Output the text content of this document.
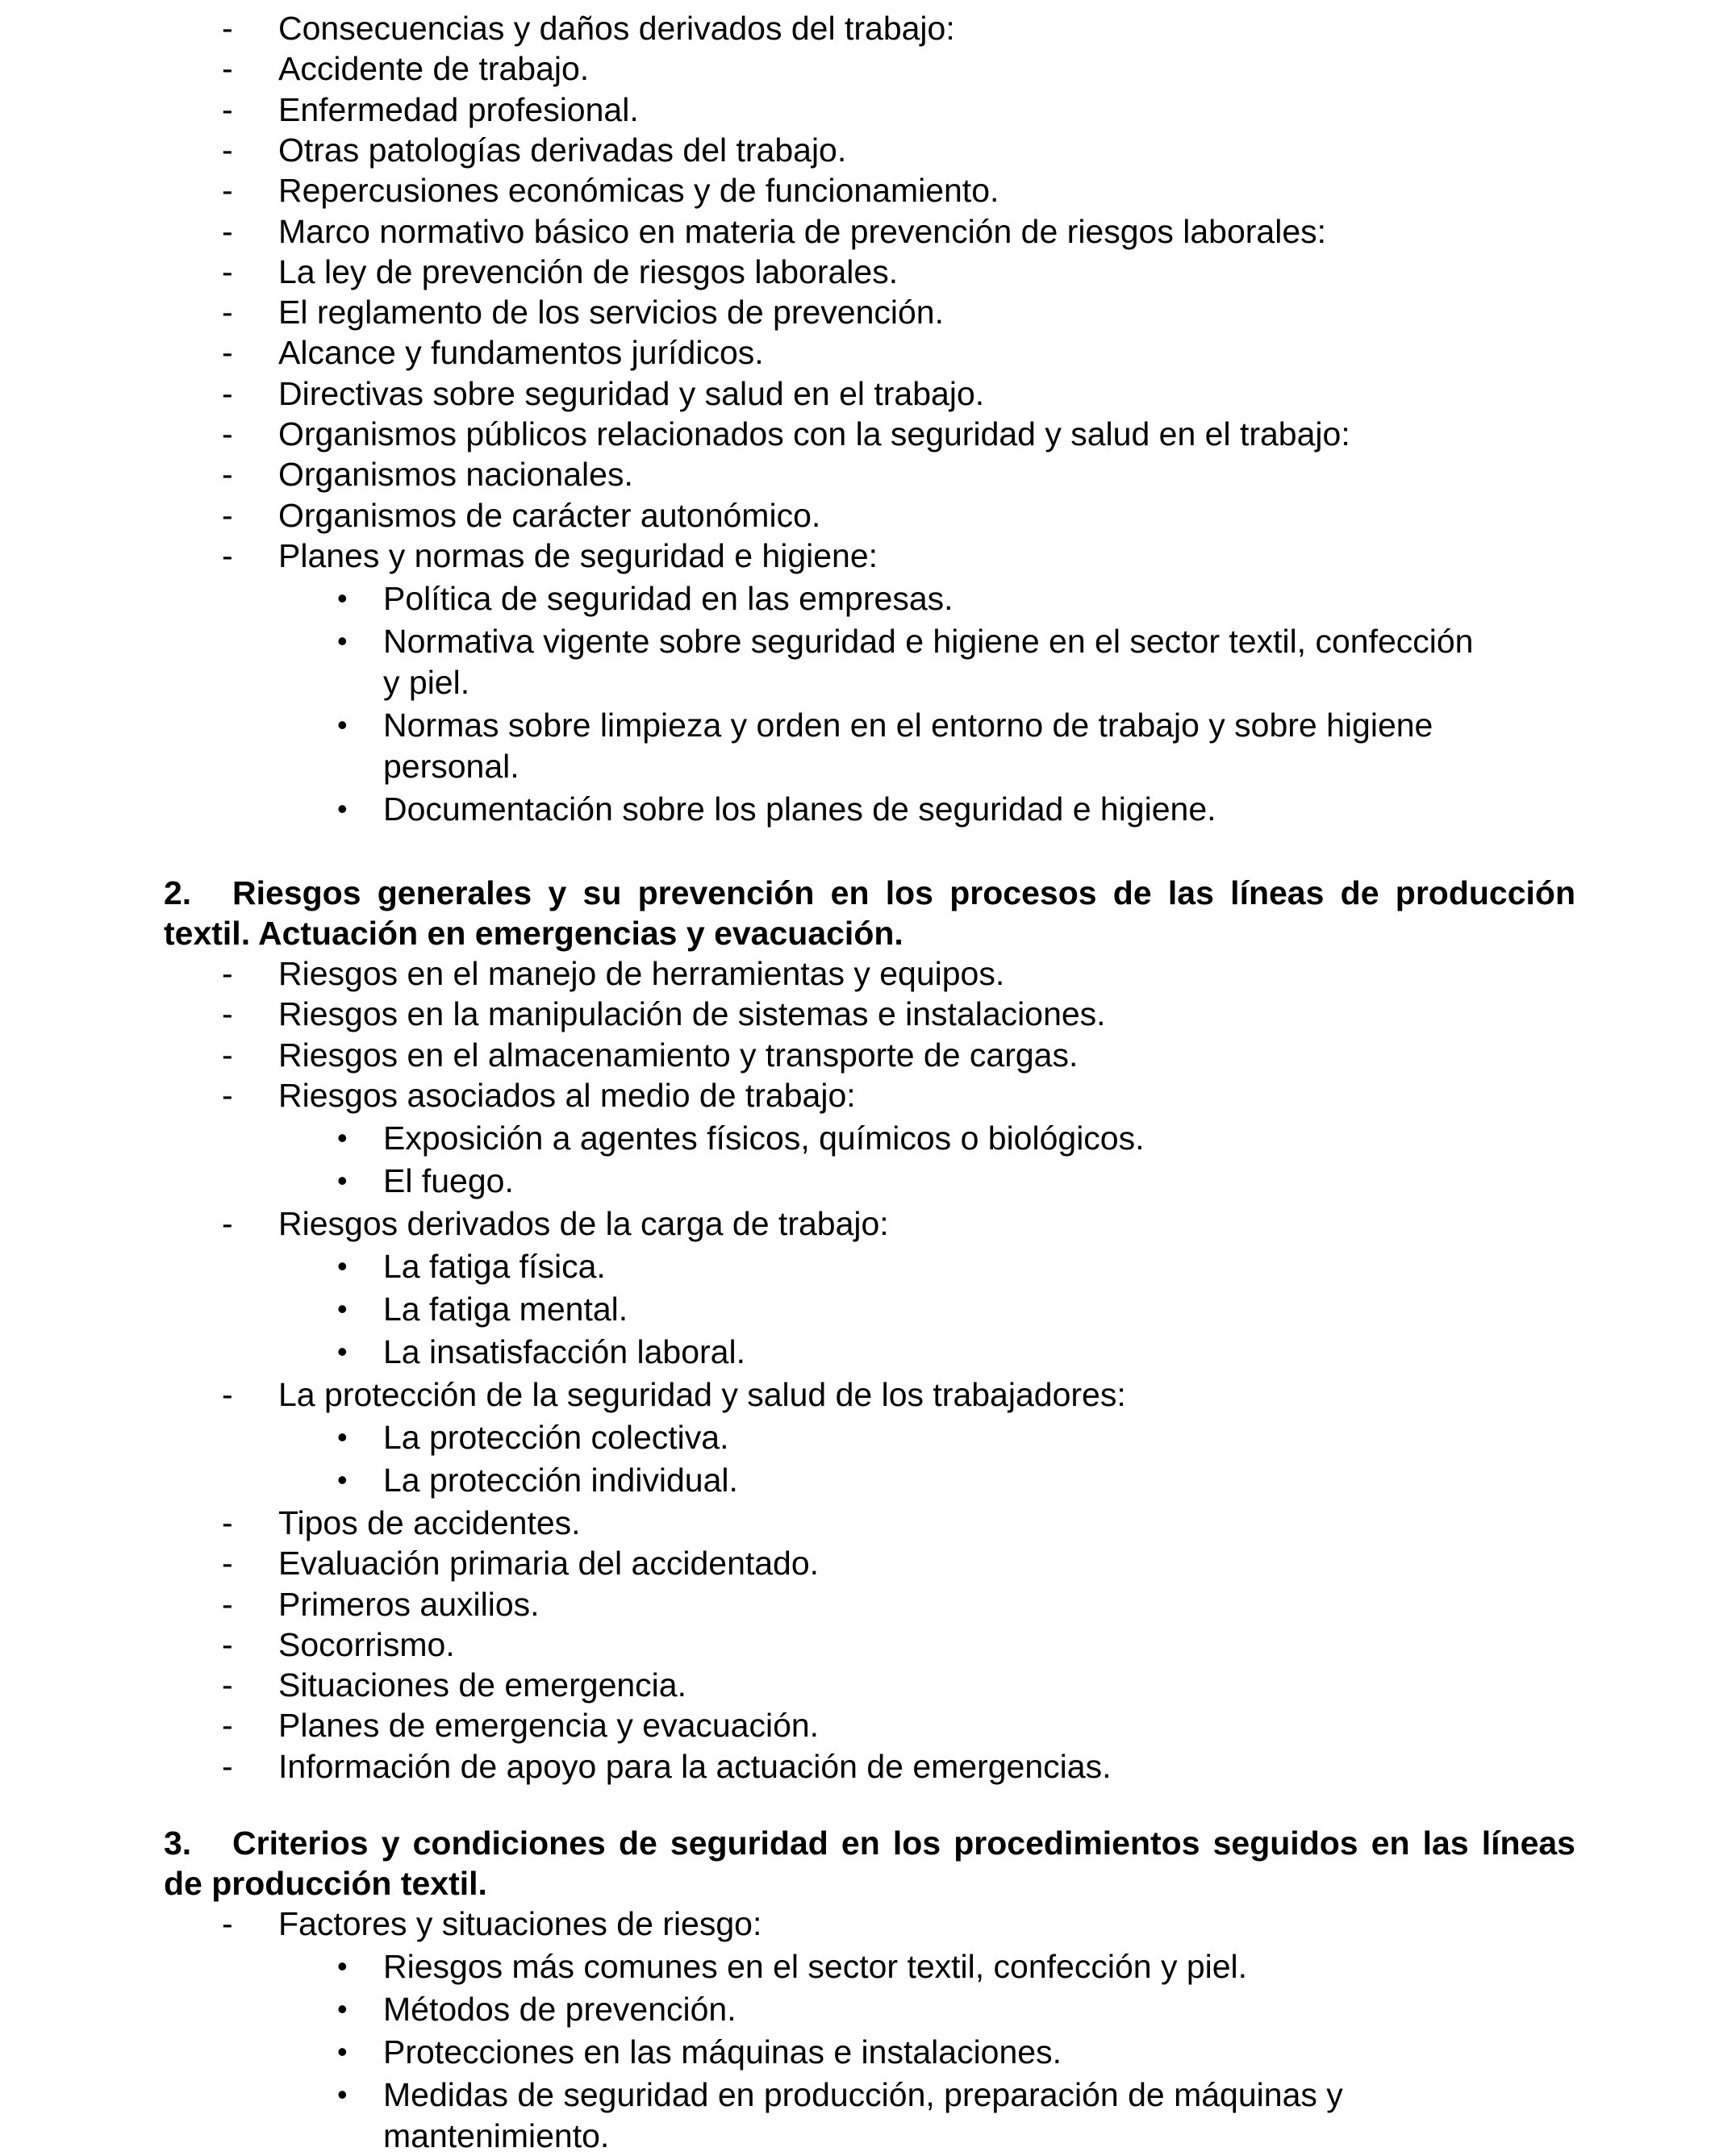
- Consecuencias y daños derivados del trabajo:
- Accidente de trabajo.
- Enfermedad profesional.
- Otras patologías derivadas del trabajo.
- Repercusiones económicas y de funcionamiento.
- Marco normativo básico en materia de prevención de riesgos laborales:
- La ley de prevención de riesgos laborales.
- El reglamento de los servicios de prevención.
- Alcance y fundamentos jurídicos.
- Directivas sobre seguridad y salud en el trabajo.
- Organismos públicos relacionados con la seguridad y salud en el trabajo:
- Organismos nacionales.
- Organismos de carácter autonómico.
- Planes y normas de seguridad e higiene:
• Política de seguridad en las empresas.
• Normativa vigente sobre seguridad e higiene en el sector textil, confección
y piel.
• Normas sobre limpieza y orden en el entorno de trabajo y sobre higiene
personal.
• Documentación sobre los planes de seguridad e higiene.
2. Riesgos generales y su prevención en los procesos de las líneas de producción textil. Actuación en emergencias y evacuación.
- Riesgos en el manejo de herramientas y equipos.
- Riesgos en la manipulación de sistemas e instalaciones.
- Riesgos en el almacenamiento y transporte de cargas.
- Riesgos asociados al medio de trabajo:
• Exposición a agentes físicos, químicos o biológicos.
• El fuego.
- Riesgos derivados de la carga de trabajo:
• La fatiga física.
• La fatiga mental.
• La insatisfacción laboral.
- La protección de la seguridad y salud de los trabajadores:
• La protección colectiva.
• La protección individual.
- Tipos de accidentes.
- Evaluación primaria del accidentado.
- Primeros auxilios.
- Socorrismo.
- Situaciones de emergencia.
- Planes de emergencia y evacuación.
- Información de apoyo para la actuación de emergencias.
3. Criterios y condiciones de seguridad en los procedimientos seguidos en las líneas de producción textil.
- Factores y situaciones de riesgo:
• Riesgos más comunes en el sector textil, confección y piel.
• Métodos de prevención.
• Protecciones en las máquinas e instalaciones.
• Medidas de seguridad en producción, preparación de máquinas y
mantenimiento.
